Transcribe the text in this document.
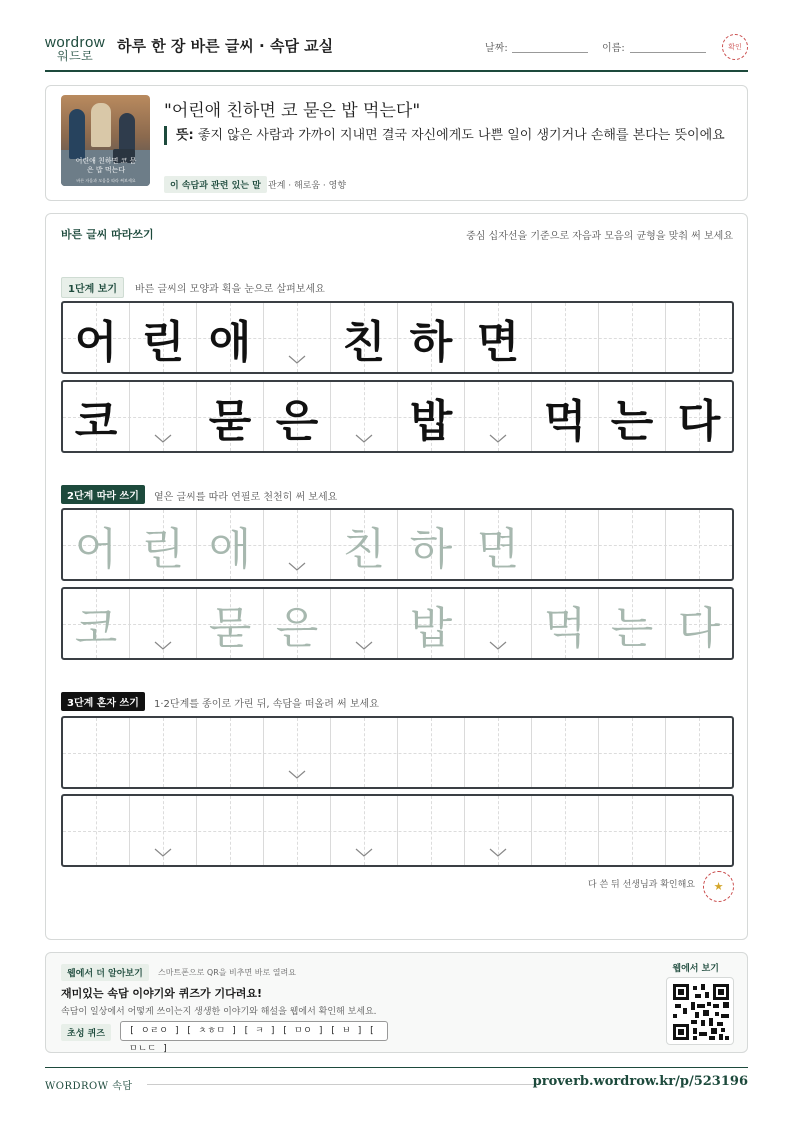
wordrow
워드로
하루 한 장 바른 글씨 · 속담 교실	날짜:	이름:	확인
어린애 친하면 코 묻은 밥 먹는다
바른 자음과 모음을 따라 써보세요
"어린애 친하면 코 묻은 밥 먹는다"
뜻: 좋지 않은 사람과 가까이 지내면 결국 자신에게도 나쁜 일이 생기거나 손해를 본다는 뜻이에요
이 속담과 관련 있는 말 관계 · 해로움 · 영향
바른 글씨 따라쓰기	중심 십자선을 기준으로 자음과 모음의 균형을 맞춰 써 보세요
1단계 보기	바른 글씨의 모양과 획을 눈으로 살펴보세요
2단계 따라 쓰기	옅은 글씨를 따라 연필로 천천히 써 보세요
3단계 혼자 쓰기	1·2단계를 종이로 가린 뒤, 속담을 떠올려 써 보세요
다 쓴 뒤 선생님과 확인해요 ★
어 린 애 친 하 면
코 묻 은 밥 먹 는 다
어 린 애 친 하 면
코 묻 은 밥 먹 는 다
웹에서 더 알아보기	스마트폰으로 QR을 비추면 바로 열려요
재미있는 속담 이야기와 퀴즈가 기다려요!
속담이 일상에서 어떻게 쓰이는지 생생한 이야기와 해설을 웹에서 확인해 보세요.
초성 퀴즈	[ ㅇㄹㅇ ] [ ㅊㅎㅁ ] [ ㅋ ] [ ㅁㅇ ] [ ㅂ ] [ ㅁㄴㄷ ]
웹에서 보기
WORDROW 속담	proverb.wordrow.kr/p/523196
